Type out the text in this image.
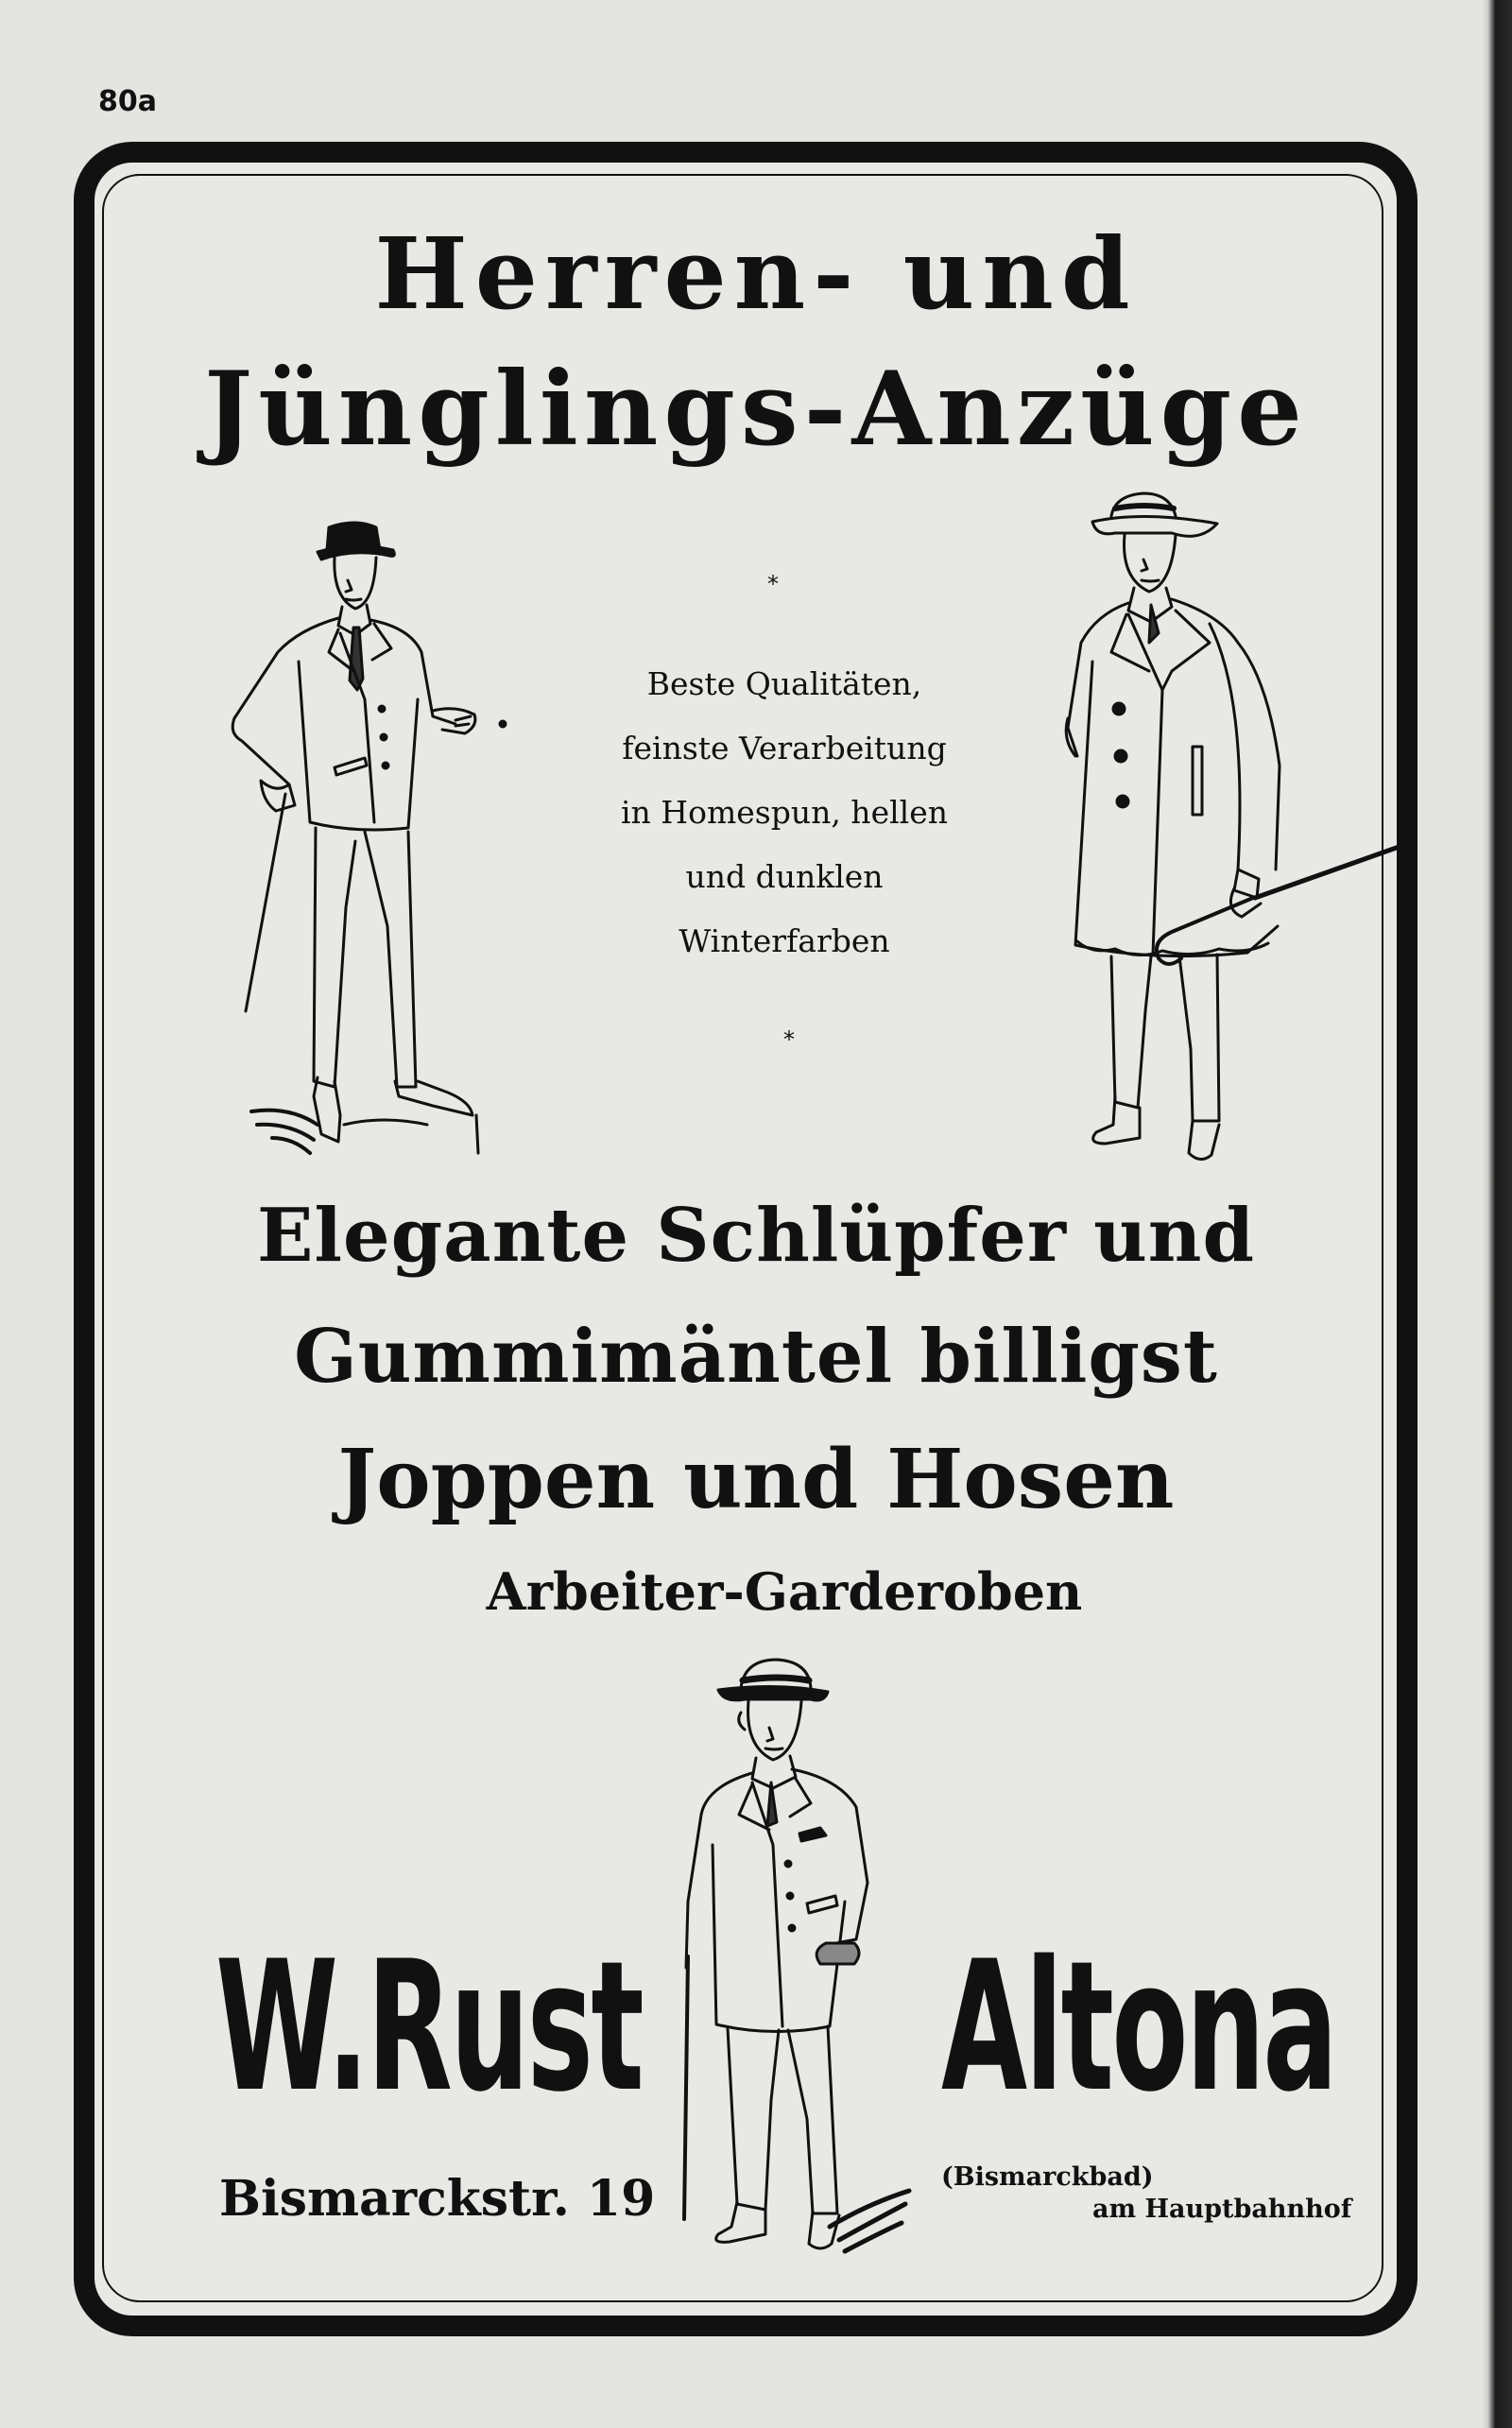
80a
Herren- und
Jünglings-Anzüge
*
Beste Qualitäten,
feinste Verarbeitung
in Homespun, hellen
und dunklen
Winterfarben
*
Elegante Schlüpfer und
Gummimäntel billigst
Joppen und Hosen
Arbeiter-Garderoben
W.Rust Altona
Bismarckstr. 19	(Bismarckbad)
am Hauptbahnhof
